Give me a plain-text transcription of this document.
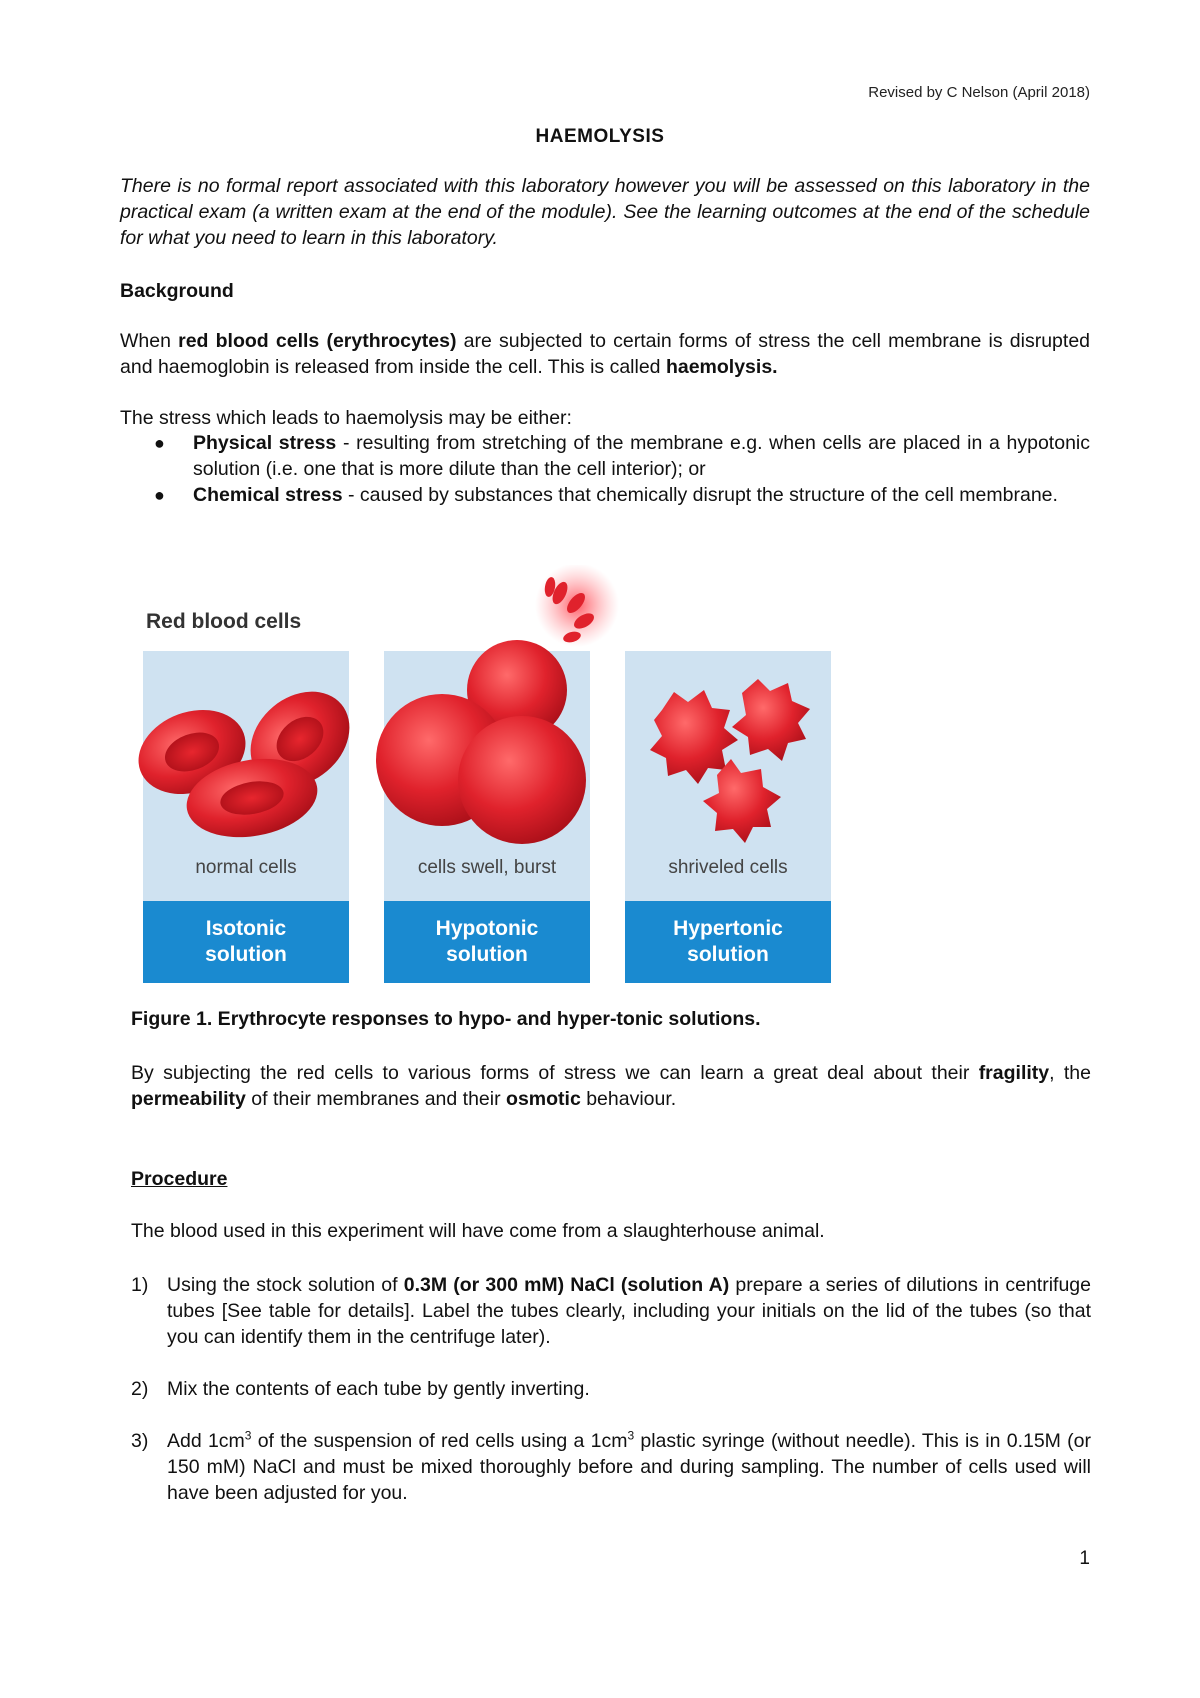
Revised by C Nelson (April 2018)
HAEMOLYSIS
There is no formal report associated with this laboratory however you will be assessed on this laboratory in the practical exam (a written exam at the end of the module). See the learning outcomes at the end of the schedule for what you need to learn in this laboratory.
Background
When red blood cells (erythrocytes) are subjected to certain forms of stress the cell membrane is disrupted and haemoglobin is released from inside the cell. This is called haemolysis.
The stress which leads to haemolysis may be either:
● Physical stress - resulting from stretching of the membrane e.g. when cells are placed in a hypotonic solution (i.e. one that is more dilute than the cell interior); or
● Chemical stress - caused by substances that chemically disrupt the structure of the cell membrane.
Red blood cells
normal cells
Isotonic
solution
cells swell, burst
Hypotonic
solution
shriveled cells
Hypertonic
solution
Figure 1. Erythrocyte responses to hypo- and hyper-tonic solutions.
By subjecting the red cells to various forms of stress we can learn a great deal about their fragility, the permeability of their membranes and their osmotic behaviour.
Procedure
The blood used in this experiment will have come from a slaughterhouse animal.
1) Using the stock solution of 0.3M (or 300 mM) NaCl (solution A) prepare a series of dilutions in centrifuge tubes [See table for details]. Label the tubes clearly, including your initials on the lid of the tubes (so that you can identify them in the centrifuge later).
2) Mix the contents of each tube by gently inverting.
3) Add $1cm^3$ of the suspension of red cells using a $1cm^3$ plastic syringe (without needle). This is in 0.15M (or 150 mM) NaCl and must be mixed thoroughly before and during sampling. The number of cells used will have been adjusted for you.
1
